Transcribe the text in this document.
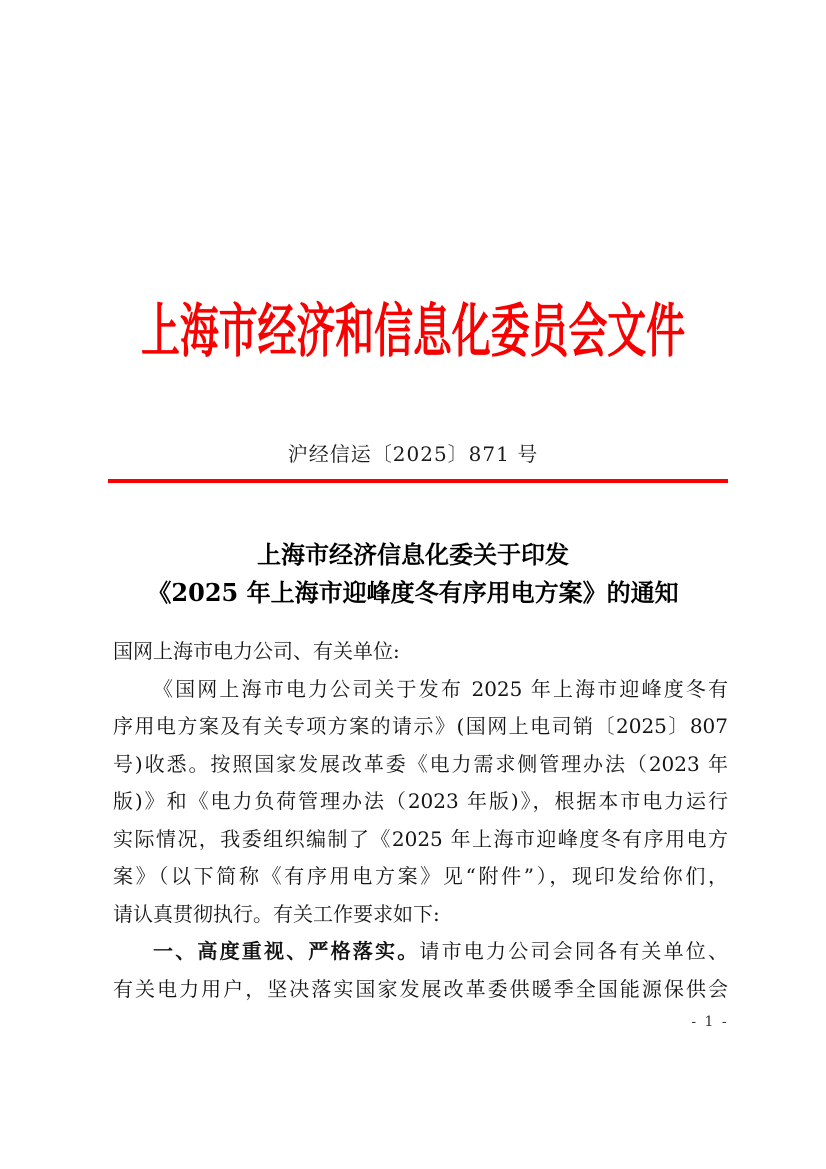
上海市经济和信息化委员会文件
沪经信运〔2025〕871 号
上海市经济信息化委关于印发
《2025 年上海市迎峰度冬有序用电方案》的通知
国网上海市电力公司、有关单位:
《国网上海市电力公司关于发布 2025 年上海市迎峰度冬有
序用电方案及有关专项方案的请示》(国网上电司销〔2025〕807
号)收悉。按照国家发展改革委《电力需求侧管理办法（2023 年
版)》和《电力负荷管理办法（2023 年版)》，根据本市电力运行
实际情况，我委组织编制了《2025 年上海市迎峰度冬有序用电方
案》（以下简称《有序用电方案》见“附件”），现印发给你们，
请认真贯彻执行。有关工作要求如下:
一、高度重视、严格落实。请市电力公司会同各有关单位、
有关电力用户，坚决落实国家发展改革委供暖季全国能源保供会
- 1 -
